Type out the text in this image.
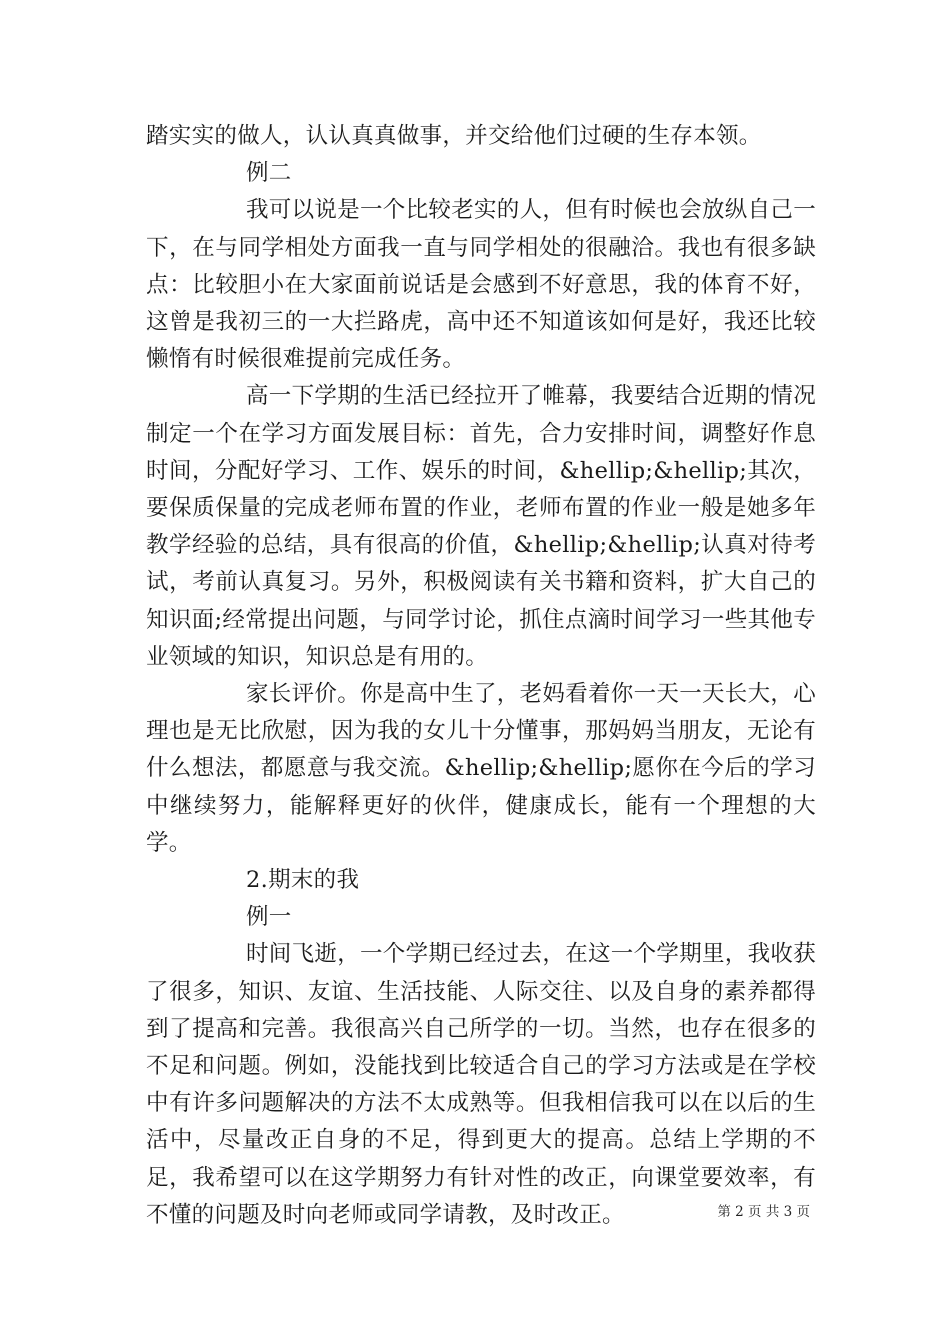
踏实实的做人，认认真真做事，并交给他们过硬的生存本领。

例二

我可以说是一个比较老实的人，但有时候也会放纵自己一下，在与同学相处方面我一直与同学相处的很融洽。我也有很多缺点：比较胆小在大家面前说话是会感到不好意思，我的体育不好，这曾是我初三的一大拦路虎，高中还不知道该如何是好，我还比较懒惰有时候很难提前完成任务。

高一下学期的生活已经拉开了帷幕，我要结合近期的情况制定一个在学习方面发展目标：首先，合力安排时间，调整好作息时间，分配好学习、工作、娱乐的时间，&hellip;&hellip;其次，要保质保量的完成老师布置的作业，老师布置的作业一般是她多年教学经验的总结，具有很高的价值，&hellip;&hellip;认真对待考试，考前认真复习。另外，积极阅读有关书籍和资料，扩大自己的知识面;经常提出问题，与同学讨论，抓住点滴时间学习一些其他专业领域的知识，知识总是有用的。

家长评价。你是高中生了，老妈看着你一天一天长大，心理也是无比欣慰，因为我的女儿十分懂事，那妈妈当朋友，无论有什么想法，都愿意与我交流。&hellip;&hellip;愿你在今后的学习中继续努力，能解释更好的伙伴，健康成长，能有一个理想的大学。

2.期末的我

例一

时间飞逝，一个学期已经过去，在这一个学期里，我收获了很多，知识、友谊、生活技能、人际交往、以及自身的素养都得到了提高和完善。我很高兴自己所学的一切。当然，也存在很多的不足和问题。例如，没能找到比较适合自己的学习方法或是在学校中有许多问题解决的方法不太成熟等。但我相信我可以在以后的生活中，尽量改正自身的不足，得到更大的提高。总结上学期的不足，我希望可以在这学期努力有针对性的改正，向课堂要效率，有不懂的问题及时向老师或同学请教，及时改正。	第 2 页 共 3 页
